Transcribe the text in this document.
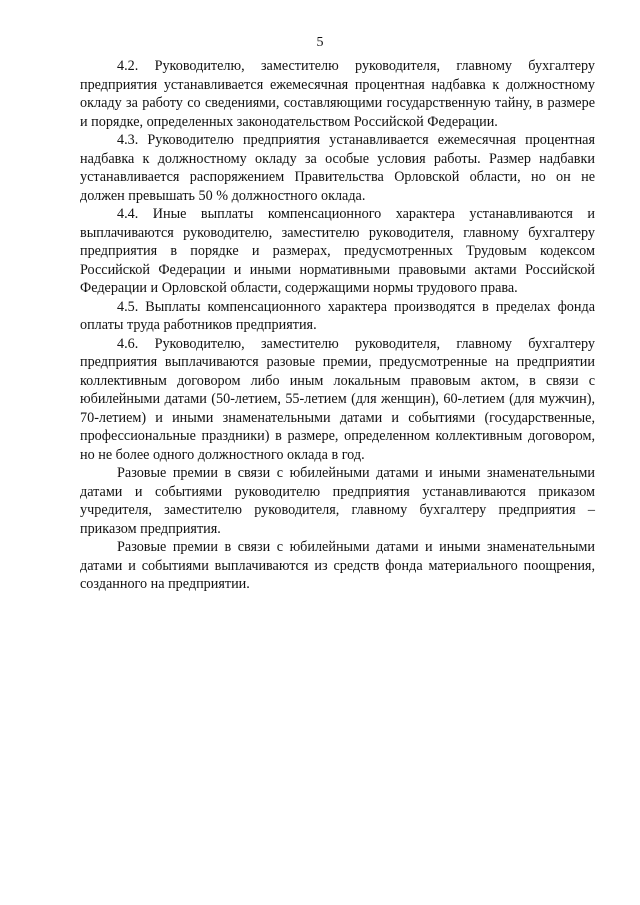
5

4.2. Руководителю, заместителю руководителя, главному бухгалтеру предприятия устанавливается ежемесячная процентная надбавка к должностному окладу за работу со сведениями, составляющими государственную тайну, в размере и порядке, определенных законодательством Российской Федерации.

4.3. Руководителю предприятия устанавливается ежемесячная процентная надбавка к должностному окладу за особые условия работы. Размер надбавки устанавливается распоряжением Правительства Орловской области, но он не должен превышать 50 % должностного оклада.

4.4. Иные выплаты компенсационного характера устанавливаются и выплачиваются руководителю, заместителю руководителя, главному бухгалтеру предприятия в порядке и размерах, предусмотренных Трудовым кодексом Российской Федерации и иными нормативными правовыми актами Российской Федерации и Орловской области, содержащими нормы трудового права.

4.5. Выплаты компенсационного характера производятся в пределах фонда оплаты труда работников предприятия.

4.6. Руководителю, заместителю руководителя, главному бухгалтеру предприятия выплачиваются разовые премии, предусмотренные на предприятии коллективным договором либо иным локальным правовым актом, в связи с юбилейными датами (50-летием, 55-летием (для женщин), 60-летием (для мужчин), 70-летием) и иными знаменательными датами и событиями (государственные, профессиональные праздники) в размере, определенном коллективным договором, но не более одного должностного оклада в год.

Разовые премии в связи с юбилейными датами и иными знаменательными датами и событиями руководителю предприятия устанавливаются приказом учредителя, заместителю руководителя, главному бухгалтеру предприятия – приказом предприятия.

Разовые премии в связи с юбилейными датами и иными знаменательными датами и событиями выплачиваются из средств фонда материального поощрения, созданного на предприятии.
